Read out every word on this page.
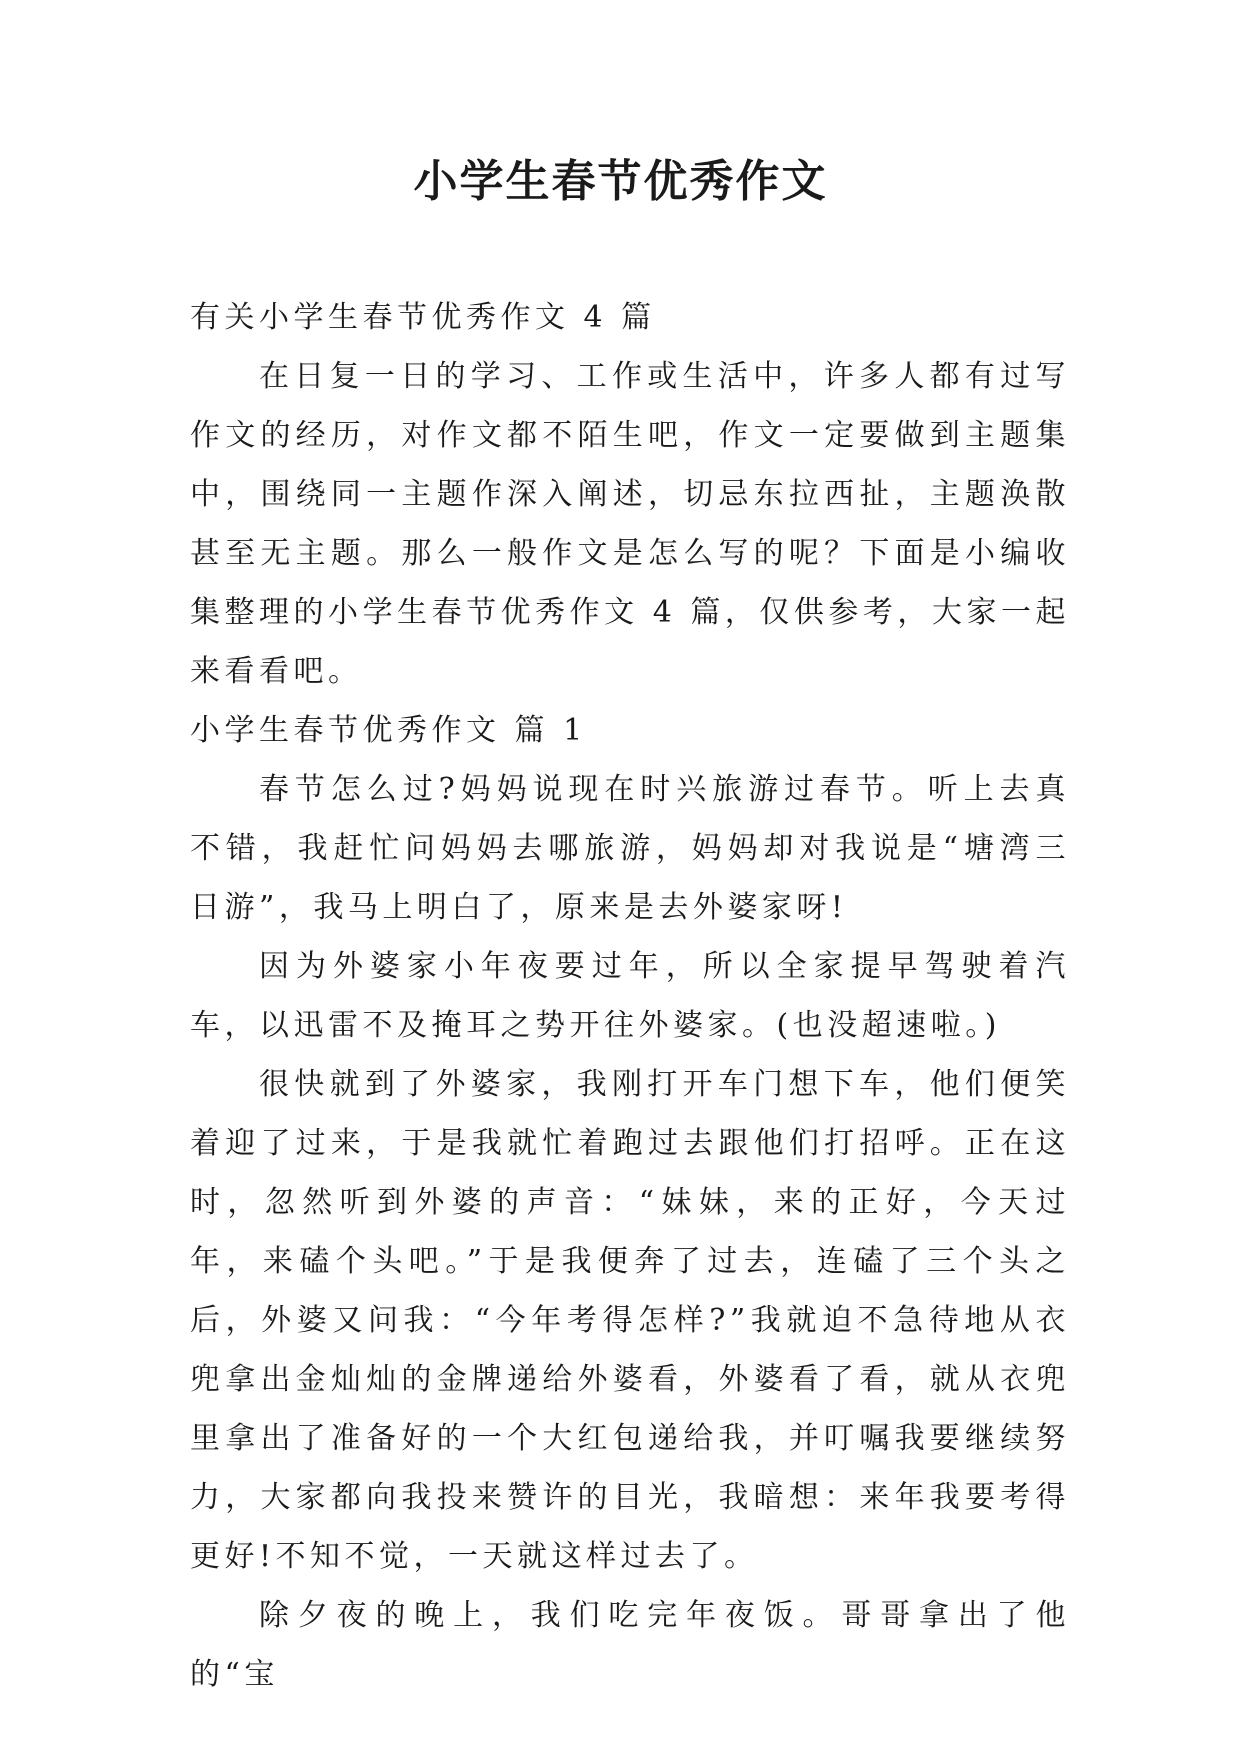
小学生春节优秀作文

有关小学生春节优秀作文 4 篇

在日复一日的学习、工作或生活中，许多人都有过写作文的经历，对作文都不陌生吧，作文一定要做到主题集中，围绕同一主题作深入阐述，切忌东拉西扯，主题涣散甚至无主题。那么一般作文是怎么写的呢？下面是小编收集整理的小学生春节优秀作文 4 篇，仅供参考，大家一起来看看吧。

小学生春节优秀作文 篇 1

春节怎么过?妈妈说现在时兴旅游过春节。听上去真不错，我赶忙问妈妈去哪旅游，妈妈却对我说是“塘湾三日游”，我马上明白了，原来是去外婆家呀!

因为外婆家小年夜要过年，所以全家提早驾驶着汽车，以迅雷不及掩耳之势开往外婆家。(也没超速啦。)

很快就到了外婆家，我刚打开车门想下车，他们便笑着迎了过来，于是我就忙着跑过去跟他们打招呼。正在这时，忽然听到外婆的声音：“妹妹，来的正好，今天过年，来磕个头吧。”于是我便奔了过去，连磕了三个头之后，外婆又问我：“今年考得怎样?”我就迫不急待地从衣兜拿出金灿灿的金牌递给外婆看，外婆看了看，就从衣兜里拿出了准备好的一个大红包递给我，并叮嘱我要继续努力，大家都向我投来赞许的目光，我暗想：来年我要考得更好!不知不觉，一天就这样过去了。

除夕夜的晚上，我们吃完年夜饭。哥哥拿出了他的“宝
